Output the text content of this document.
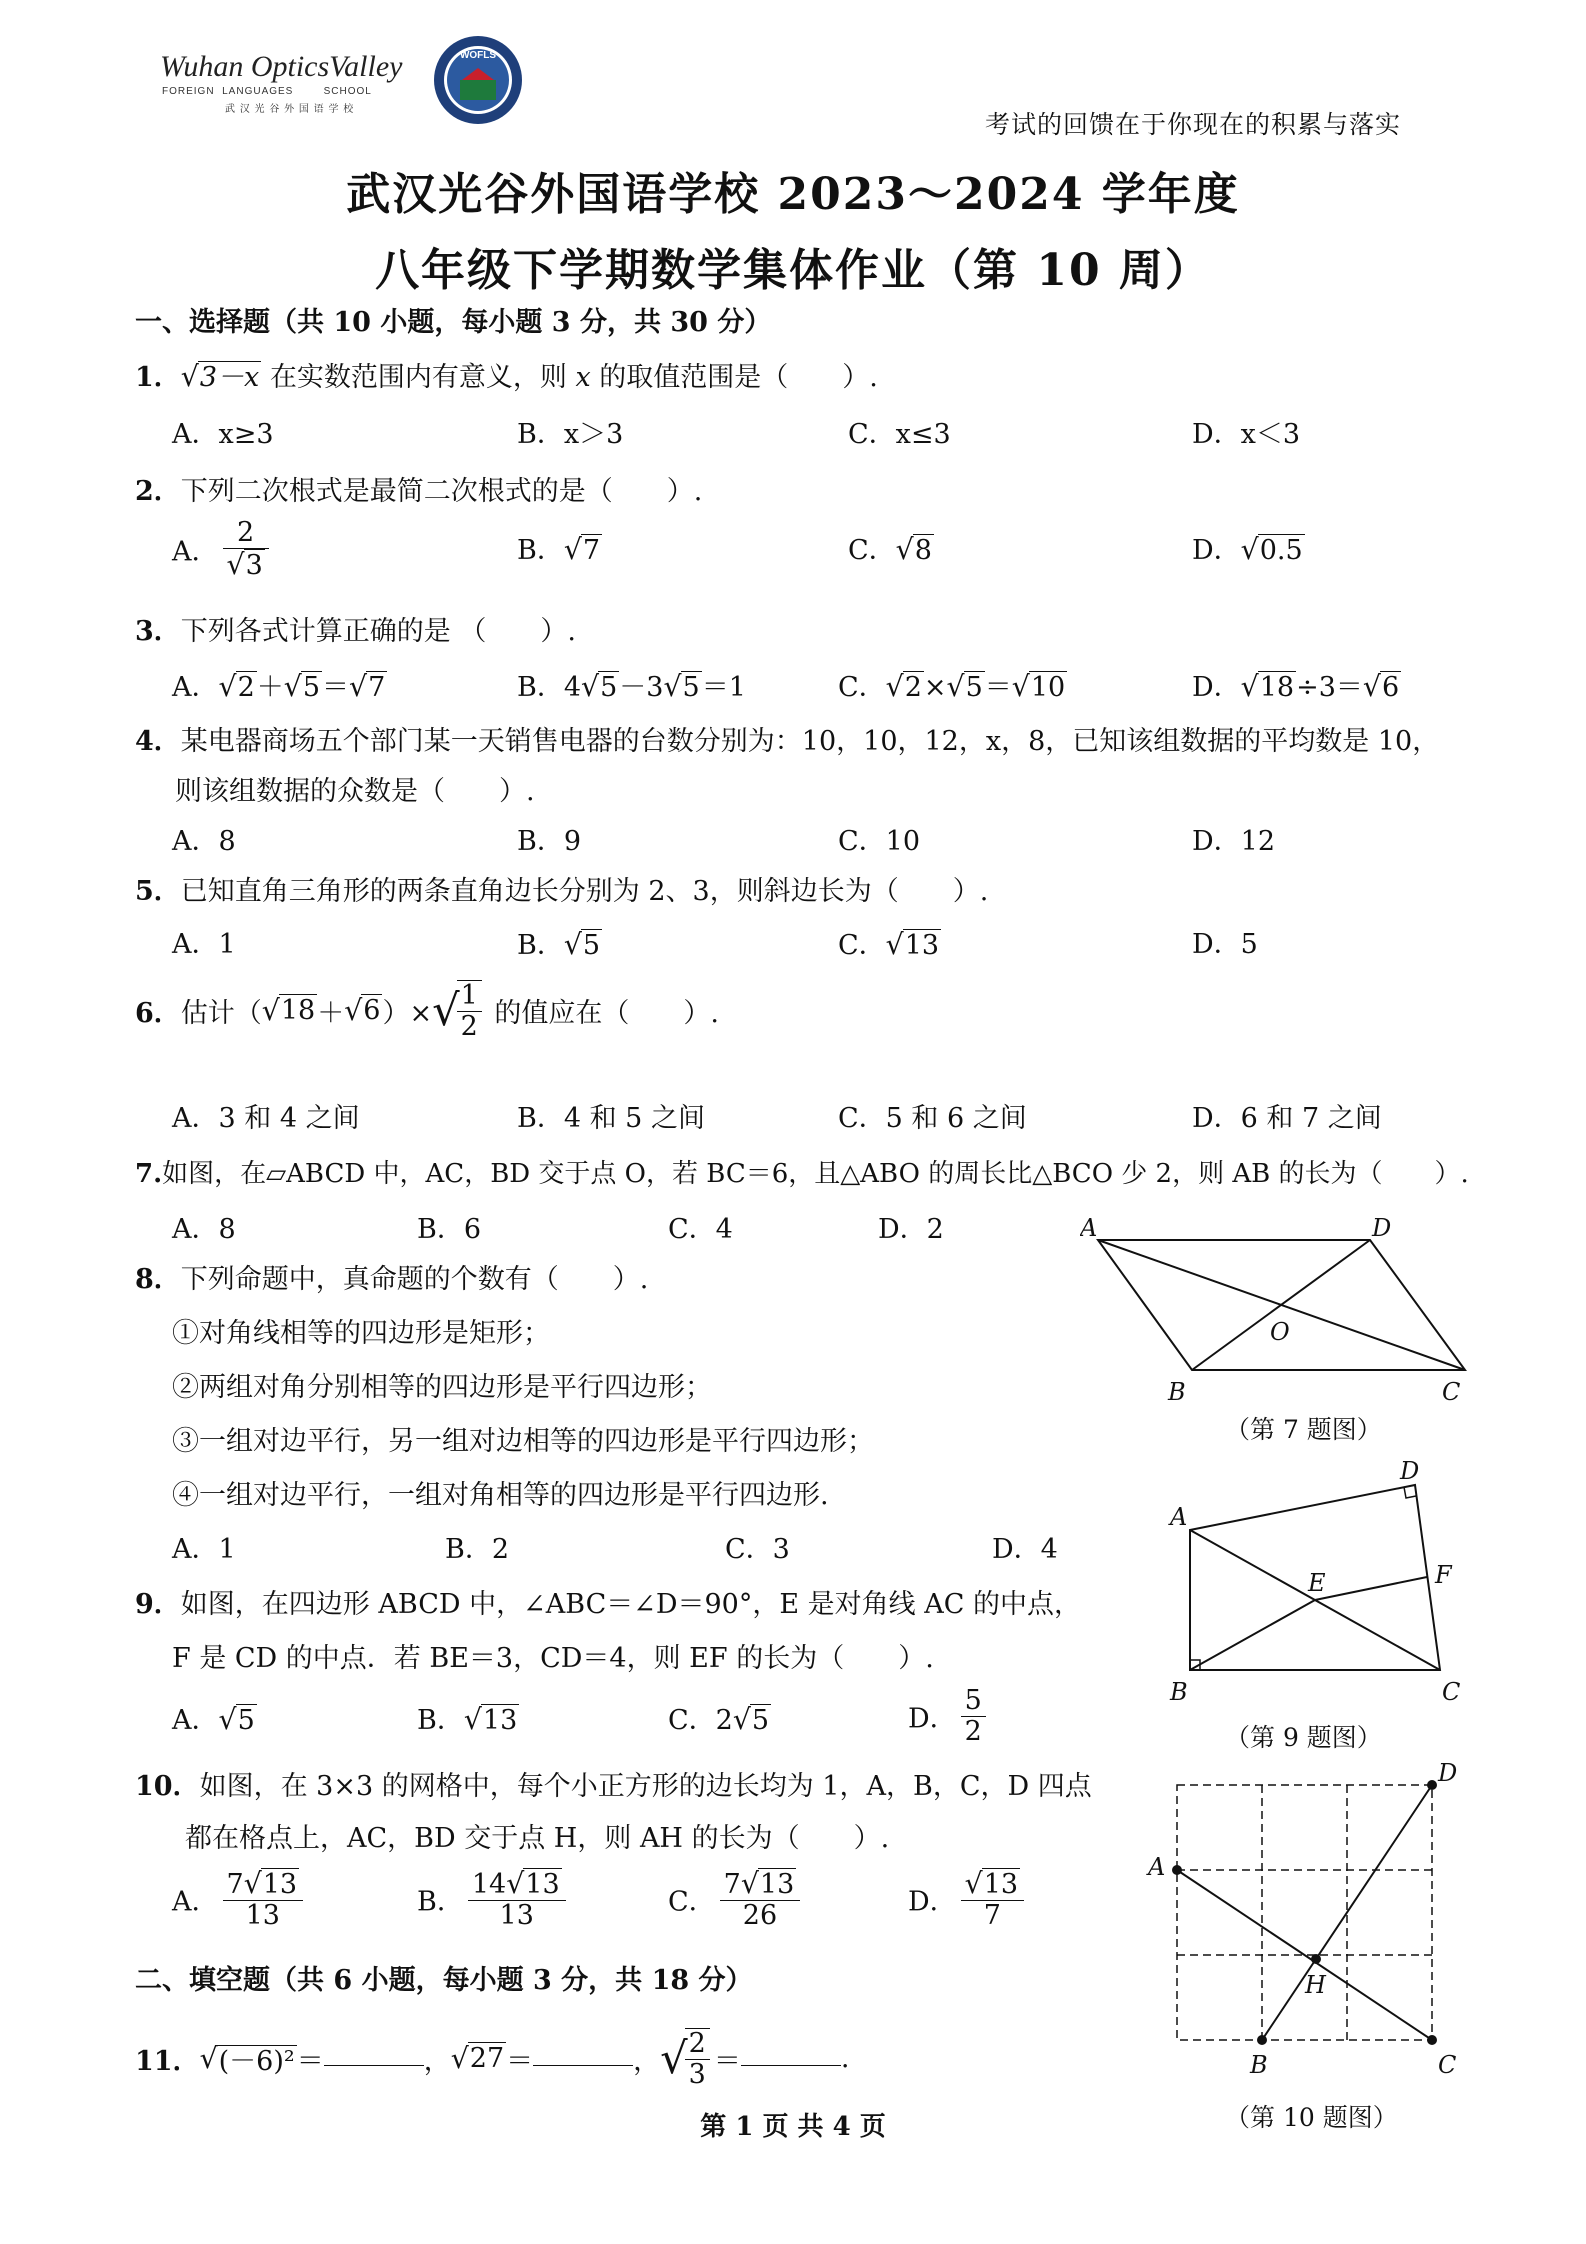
Wuhan OpticsValley
FOREIGN  LANGUAGES        SCHOOL
武 汉 光 谷 外 国 语 学 校
WOFLS
考试的回馈在于你现在的积累与落实
武汉光谷外国语学校 2023～2024 学年度
八年级下学期数学集体作业（第 10 周）
一、选择题（共 10 小题，每小题 3 分，共 30 分）
1．√3－x 在实数范围内有意义，则 x 的取值范围是（　　）.
A．x≥3	B．x＞3	C．x≤3	D．x＜3
2．下列二次根式是最简二次根式的是（　　）.
A． $\frac{2}{√3}$	B．√7	C．√8	D．√0.5
3．下列各式计算正确的是 （　　）.
A．√2＋√5＝√7	B．4√5－3√5＝1	C．√2×√5＝√10	D．√18÷3＝√6
4．某电器商场五个部门某一天销售电器的台数分别为：10，10，12，x，8，已知该组数据的平均数是 10，
则该组数据的众数是（　　）.
A．8	B．9	C．10	D．12
5．已知直角三角形的两条直角边长分别为 2、3，则斜边长为（　　）.
A．1	B．√5	C．√13	D．5
6．估计（√18＋√6）×√
$\frac{1}{2}$ 的值应在（　　）.
A．3 和 4 之间	B．4 和 5 之间	C．5 和 6 之间	D．6 和 7 之间
7.如图，在▱ABCD 中，AC，BD 交于点 O，若 BC＝6，且△ABO 的周长比△BCO 少 2，则 AB 的长为（　　）.
A．8	B．6	C．4	D．2	A	D
B	C
O
（第 7 题图）
8．下列命题中，真命题的个数有（　　）.
①对角线相等的四边形是矩形；
②两组对角分别相等的四边形是平行四边形；
③一组对边平行，另一组对边相等的四边形是平行四边形；
④一组对边平行，一组对角相等的四边形是平行四边形.
A．1	B．2	C．3	D．4
A
D
B	C
E	F
（第 9 题图）
9．如图，在四边形 ABCD 中，∠ABC＝∠D＝90°，E 是对角线 AC 的中点，
F 是 CD 的中点．若 BE＝3，CD＝4，则 EF 的长为（　　）.
A．√5	B．√13	C．2√5	D． $\frac{5}{2}$
A
D
B	C
H
（第 10 题图）
10．如图，在 3×3 的网格中，每个小正方形的边长均为 1，A，B，C，D 四点
都在格点上，AC，BD 交于点 H，则 AH 的长为（　　）.
A． $\frac{7√13}{13}$	B． $\frac{14√13}{13}$	C． $\frac{7√13}{26}$	D． $\frac{√13}{7}$
二、填空题（共 6 小题，每小题 3 分，共 18 分）
11．√(－6)²＝	，√27＝	，√
$\frac{2}{3}$ ＝	.
第 1 页 共 4 页
